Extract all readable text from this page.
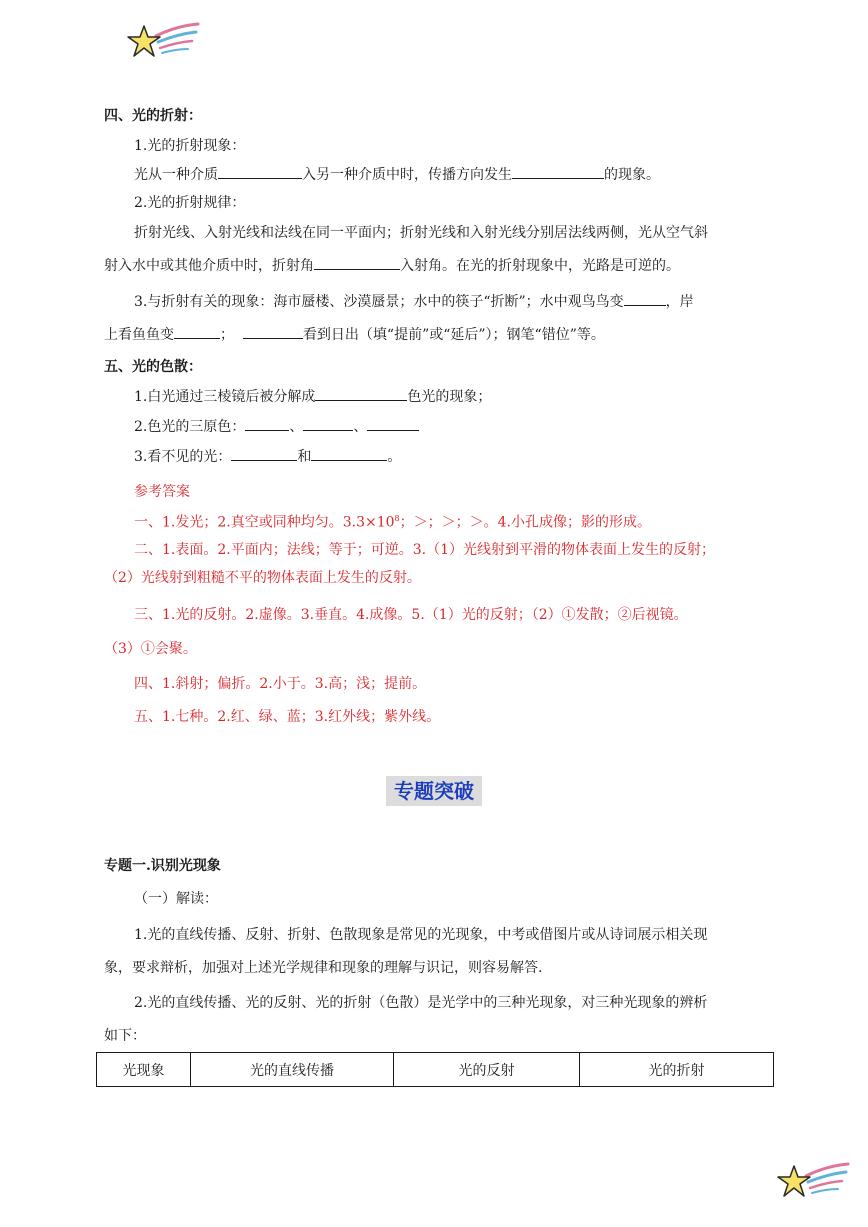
四、光的折射：
1.光的折射现象：
光从一种介质	入另一种介质中时，传播方向发生	的现象。
2.光的折射规律：
折射光线、入射光线和法线在同一平面内；折射光线和入射光线分别居法线两侧，光从空气斜
射入水中或其他介质中时，折射角	入射角。在光的折射现象中，光路是可逆的。
3.与折射有关的现象：海市蜃楼、沙漠蜃景；水中的筷子“折断”；水中观鸟鸟变	，岸
上看鱼鱼变	；	看到日出（填“提前”或“延后”）；钢笔“错位”等。
五、光的色散：
1.白光通过三棱镜后被分解成	色光的现象；
2.色光的三原色：	、	、
3.看不见的光：	和	。
参考答案
一、1.发光；2.真空或同种均匀。$3.3\times 10^8$；＞；＞；＞。4.小孔成像；影的形成。
二、1.表面。2.平面内；法线；等于；可逆。3.（1）光线射到平滑的物体表面上发生的反射；
（2）光线射到粗糙不平的物体表面上发生的反射。
三、1.光的反射。2.虚像。3.垂直。4.成像。5.（1）光的反射；（2）①发散；②后视镜。
（3）①会聚。
四、1.斜射；偏折。2.小于。3.高；浅；提前。
五、1.七种。2.红、绿、蓝；3.红外线；紫外线。
专题突破
专题一.识别光现象
（一）解读：
1.光的直线传播、反射、折射、色散现象是常见的光现象，中考或借图片或从诗词展示相关现
象，要求辩析，加强对上述光学规律和现象的理解与识记，则容易解答.
2.光的直线传播、光的反射、光的折射（色散）是光学中的三种光现象，对三种光现象的辨析
如下：
光现象	光的直线传播	光的反射	光的折射
